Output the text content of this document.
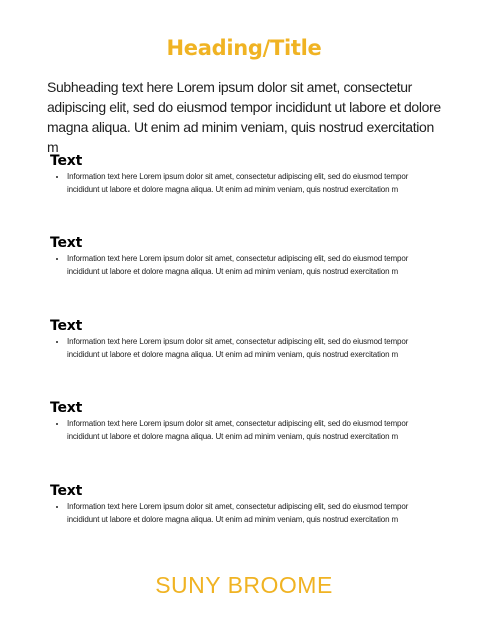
Heading/Title
Subheading text here Lorem ipsum dolor sit amet, consectetur adipiscing elit, sed do eiusmod tempor incididunt ut labore et dolore magna aliqua. Ut enim ad minim veniam, quis nostrud exercitation m
Text
• Information text here Lorem ipsum dolor sit amet, consectetur adipiscing elit, sed do eiusmod tempor incididunt ut labore et dolore magna aliqua. Ut enim ad minim veniam, quis nostrud exercitation m
Text
• Information text here Lorem ipsum dolor sit amet, consectetur adipiscing elit, sed do eiusmod tempor incididunt ut labore et dolore magna aliqua. Ut enim ad minim veniam, quis nostrud exercitation m
Text
• Information text here Lorem ipsum dolor sit amet, consectetur adipiscing elit, sed do eiusmod tempor incididunt ut labore et dolore magna aliqua. Ut enim ad minim veniam, quis nostrud exercitation m
Text
• Information text here Lorem ipsum dolor sit amet, consectetur adipiscing elit, sed do eiusmod tempor incididunt ut labore et dolore magna aliqua. Ut enim ad minim veniam, quis nostrud exercitation m
Text
• Information text here Lorem ipsum dolor sit amet, consectetur adipiscing elit, sed do eiusmod tempor incididunt ut labore et dolore magna aliqua. Ut enim ad minim veniam, quis nostrud exercitation m
SUNY BROOME
